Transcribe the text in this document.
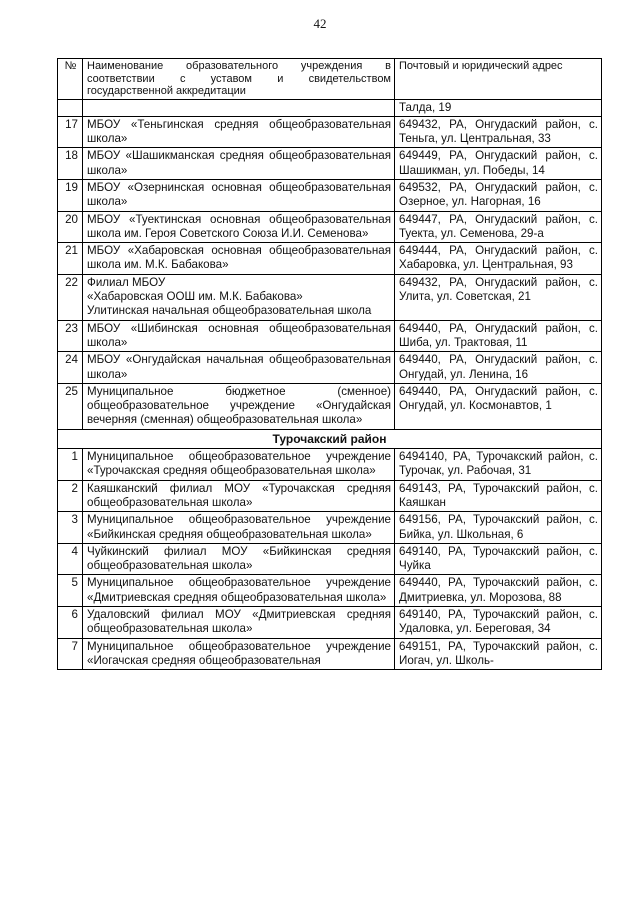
42
№	Наименование образовательного учреждения в соответствии с уставом и свидетельством государственной аккредитации	Почтовый и юридический адрес
		Талда, 19
17	МБОУ «Теньгинская средняя общеобразовательная школа»	649432, РА, Онгудаский район, с. Теньга, ул. Центральная, 33
18	МБОУ «Шашикманская средняя общеобразовательная школа»	649449, РА, Онгудаский район, с. Шашикман, ул. Победы, 14
19	МБОУ «Озернинская основная общеобразовательная школа»	649532, РА, Онгудаский район, с. Озерное, ул. Нагорная, 16
20	МБОУ «Туектинская основная общеобразовательная школа им. Героя Советского Союза И.И. Семенова»	649447, РА, Онгудаский район, с. Туекта, ул. Семенова, 29-а
21	МБОУ «Хабаровская основная общеобразовательная школа им. М.К. Бабакова»	649444, РА, Онгудаский район, с. Хабаровка, ул. Центральная, 93
22	Филиал МБОУ
«Хабаровская ООШ им. М.К. Бабакова»
Улитинская начальная общеобразовательная школа	649432, РА, Онгудаский район, с. Улита, ул. Советская, 21
23	МБОУ «Шибинская основная общеобразовательная школа»	649440, РА, Онгудаский район, с. Шиба, ул. Трактовая, 11
24	МБОУ «Онгудайская начальная общеобразовательная школа»	649440, РА, Онгудаский район, с. Онгудай, ул. Ленина, 16
25	Муниципальное бюджетное (сменное) общеобразовательное учреждение «Онгудайская вечерняя (сменная) общеобразовательная школа»	649440, РА, Онгудаский район, с. Онгудай, ул. Космонавтов, 1
Турочакский район		
1	Муниципальное общеобразовательное учреждение «Турочакская средняя общеобразовательная школа»	6494140, РА, Турочакский район, с. Турочак, ул. Рабочая, 31
2	Каяшканский филиал МОУ «Турочакская средняя общеобразовательная школа»	649143, РА, Турочакский район, с. Каяшкан
3	Муниципальное общеобразовательное учреждение «Бийкинская средняя общеобразовательная школа»	649156, РА, Турочакский район, с. Бийка, ул. Школьная, 6
4	Чуйкинский филиал МОУ «Бийкинская средняя общеобразовательная школа»	649140, РА, Турочакский район, с. Чуйка
5	Муниципальное общеобразовательное учреждение «Дмитриевская средняя общеобразовательная школа»	649440, РА, Турочакский район, с. Дмитриевка, ул. Морозова, 88
6	Удаловский филиал МОУ «Дмитриевская средняя общеобразовательная школа»	649140, РА, Турочакский район, с. Удаловка, ул. Береговая, 34
7	Муниципальное общеобразовательное учреждение «Иогачская средняя общеобразовательная	649151, РА, Турочакский район, с. Иогач, ул. Школь-
